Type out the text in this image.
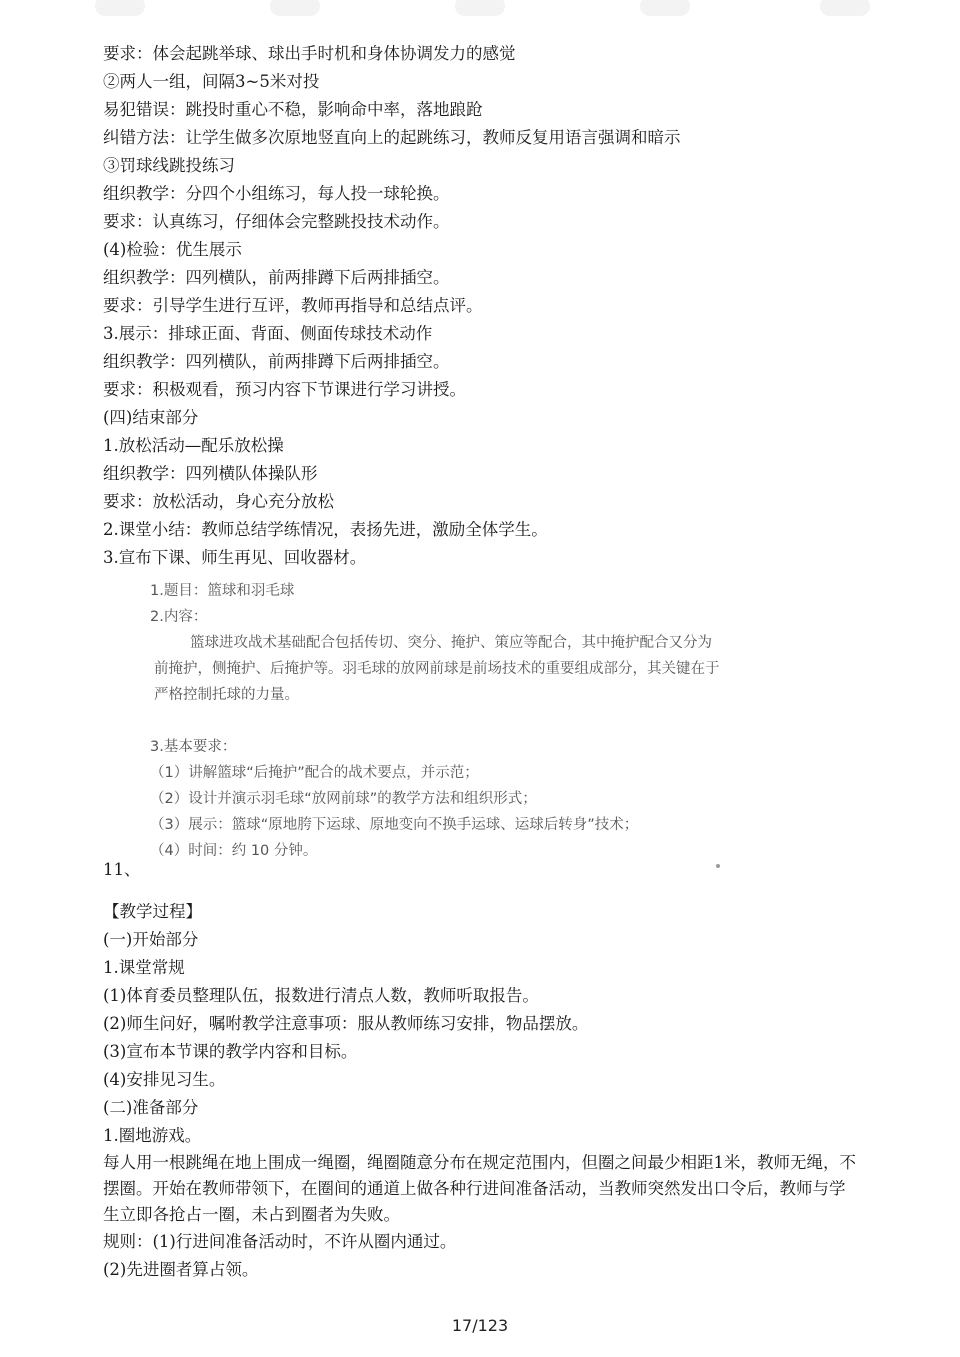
要求：体会起跳举球、球出手时机和身体协调发力的感觉
②两人一组，间隔3~5米对投
易犯错误：跳投时重心不稳，影响命中率，落地踉跄
纠错方法：让学生做多次原地竖直向上的起跳练习，教师反复用语言强调和暗示
③罚球线跳投练习
组织教学：分四个小组练习，每人投一球轮换。
要求：认真练习，仔细体会完整跳投技术动作。
(4)检验：优生展示
组织教学：四列横队，前两排蹲下后两排插空。
要求：引导学生进行互评，教师再指导和总结点评。
3.展示：排球正面、背面、侧面传球技术动作
组织教学：四列横队，前两排蹲下后两排插空。
要求：积极观看，预习内容下节课进行学习讲授。
(四)结束部分
1.放松活动—配乐放松操
组织教学：四列横队体操队形
要求：放松活动，身心充分放松
2.课堂小结：教师总结学练情况，表扬先进，激励全体学生。
3.宣布下课、师生再见、回收器材。
1.题目：篮球和羽毛球
2.内容：
篮球进攻战术基础配合包括传切、突分、掩护、策应等配合，其中掩护配合又分为前掩护，侧掩护、后掩护等。羽毛球的放网前球是前场技术的重要组成部分，其关键在于严格控制托球的力量。
3.基本要求：
（1）讲解篮球“后掩护”配合的战术要点，并示范；
（2）设计并演示羽毛球“放网前球”的教学方法和组织形式；
（3）展示：篮球“原地胯下运球、原地变向不换手运球、运球后转身”技术；
（4）时间：约 10 分钟。
11、
【教学过程】
(一)开始部分
1.课堂常规
(1)体育委员整理队伍，报数进行清点人数，教师听取报告。
(2)师生问好，嘱咐教学注意事项：服从教师练习安排，物品摆放。
(3)宣布本节课的教学内容和目标。
(4)安排见习生。
(二)准备部分
1.圈地游戏。
每人用一根跳绳在地上围成一绳圈，绳圈随意分布在规定范围内，但圈之间最少相距1米，教师无绳，不摆圈。开始在教师带领下，在圈间的通道上做各种行进间准备活动，当教师突然发出口令后，教师与学生立即各抢占一圈，未占到圈者为失败。
规则：(1)行进间准备活动时，不许从圈内通过。
(2)先进圈者算占领。
17/123
